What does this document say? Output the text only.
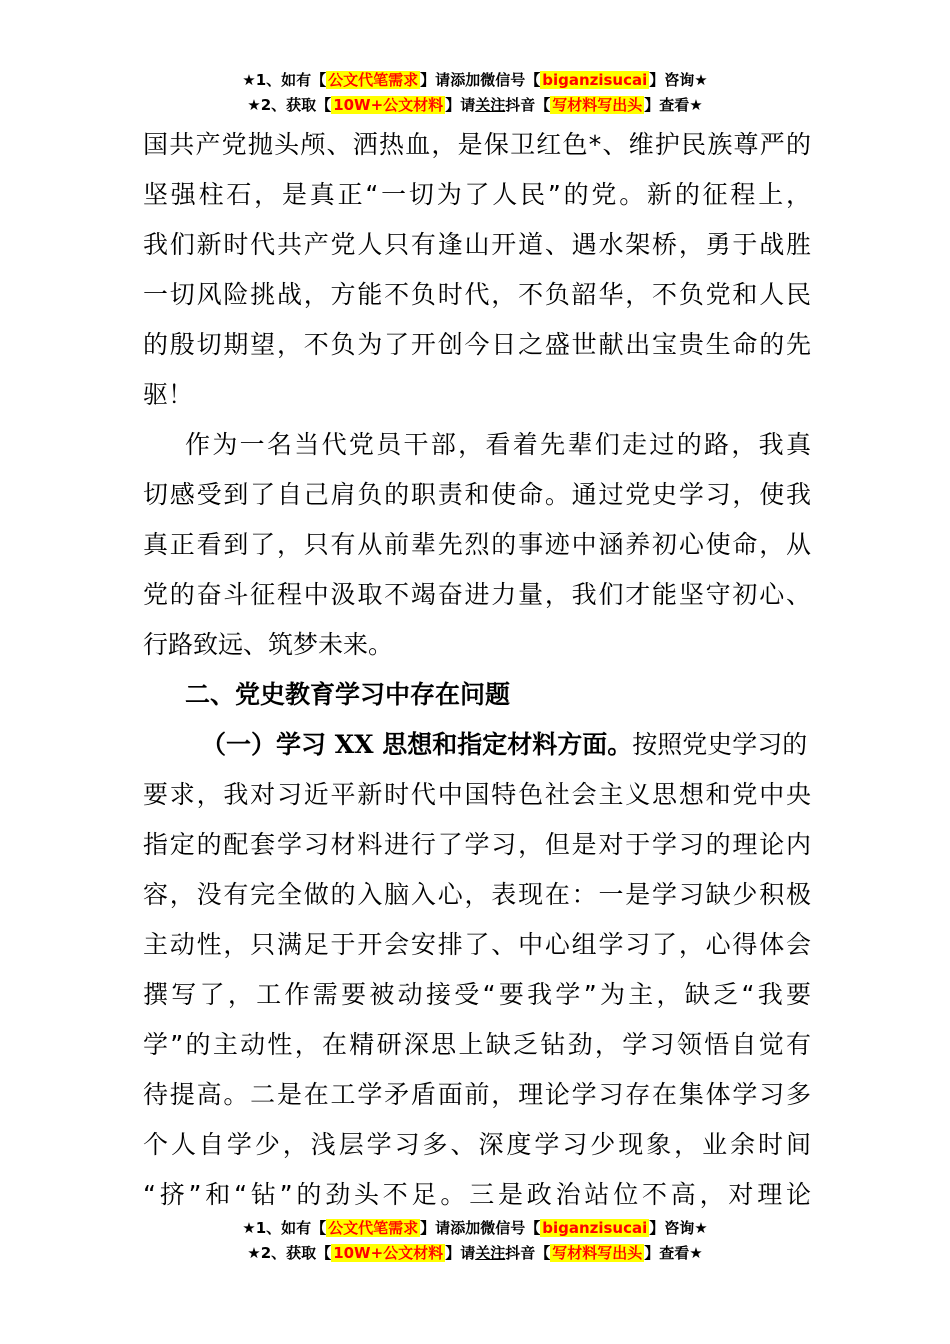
★1、如有【 公文代笔需求 】请添加微信号【 biganzisucai 】咨询★
★2、获取【 10W+公文材料 】请关注抖音【 写材料写出头 】查看★
国共产党抛头颅、洒热血，是保卫红色*、维护民族尊严的
坚强柱石，是真正“一切为了人民”的党。新的征程上，
我们新时代共产党人只有逢山开道、遇水架桥，勇于战胜
一切风险挑战，方能不负时代，不负韶华，不负党和人民
的殷切期望，不负为了开创今日之盛世献出宝贵生命的先
驱！
作为一名当代党员干部，看着先辈们走过的路，我真
切感受到了自己肩负的职责和使命。通过党史学习，使我
真正看到了，只有从前辈先烈的事迹中涵养初心使命，从
党的奋斗征程中汲取不竭奋进力量，我们才能坚守初心、
行路致远、筑梦未来。
二、党史教育学习中存在问题
（一）学习 XX 思想和指定材料方面。按照党史学习的
要求，我对习近平新时代中国特色社会主义思想和党中央
指定的配套学习材料进行了学习，但是对于学习的理论内
容，没有完全做的入脑入心，表现在：一是学习缺少积极
主动性，只满足于开会安排了、中心组学习了，心得体会
撰写了，工作需要被动接受“要我学”为主，缺乏“我要
学”的主动性，在精研深思上缺乏钻劲，学习领悟自觉有
待提高。二是在工学矛盾面前，理论学习存在集体学习多
个人自学少，浅层学习多、深度学习少现象，业余时间
“挤”和“钻”的劲头不足。三是政治站位不高，对理论
★1、如有【 公文代笔需求 】请添加微信号【 biganzisucai 】咨询★
★2、获取【 10W+公文材料 】请关注抖音【 写材料写出头 】查看★
